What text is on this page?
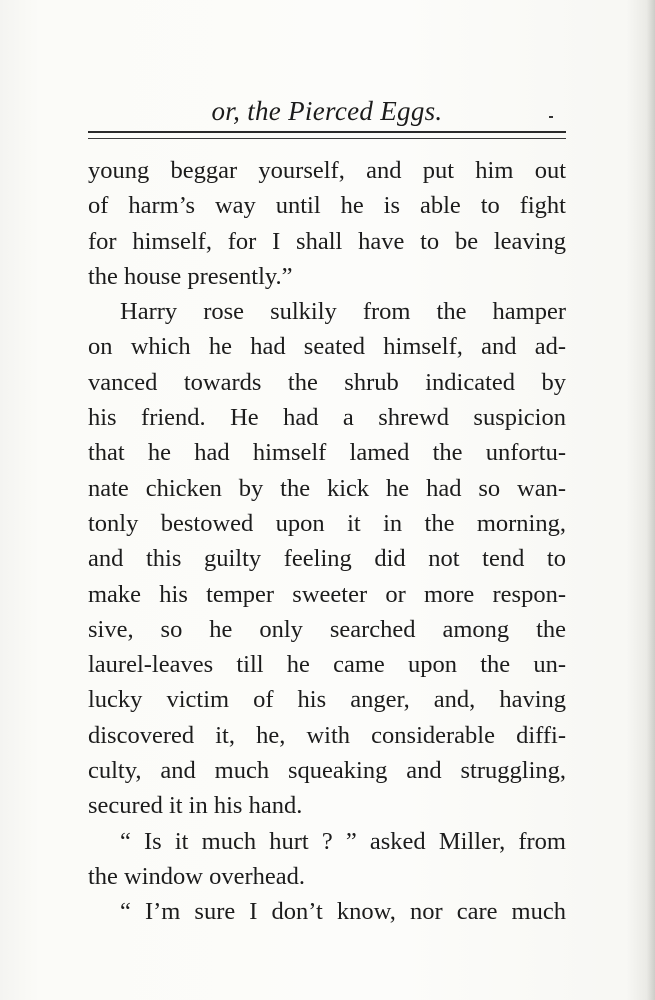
or, the Pierced Eggs.
young beggar yourself, and put him out
of harm’s way until he is able to fight
for himself, for I shall have to be leaving
the house presently.”
Harry rose sulkily from the hamper
on which he had seated himself, and ad-
vanced towards the shrub indicated by
his friend. He had a shrewd suspicion
that he had himself lamed the unfortu-
nate chicken by the kick he had so wan-
tonly bestowed upon it in the morning,
and this guilty feeling did not tend to
make his temper sweeter or more respon-
sive, so he only searched among the
laurel-leaves till he came upon the un-
lucky victim of his anger, and, having
discovered it, he, with considerable diffi-
culty, and much squeaking and struggling,
secured it in his hand.
“ Is it much hurt ? ” asked Miller, from
the window overhead.
“ I’m sure I don’t know, nor care much
